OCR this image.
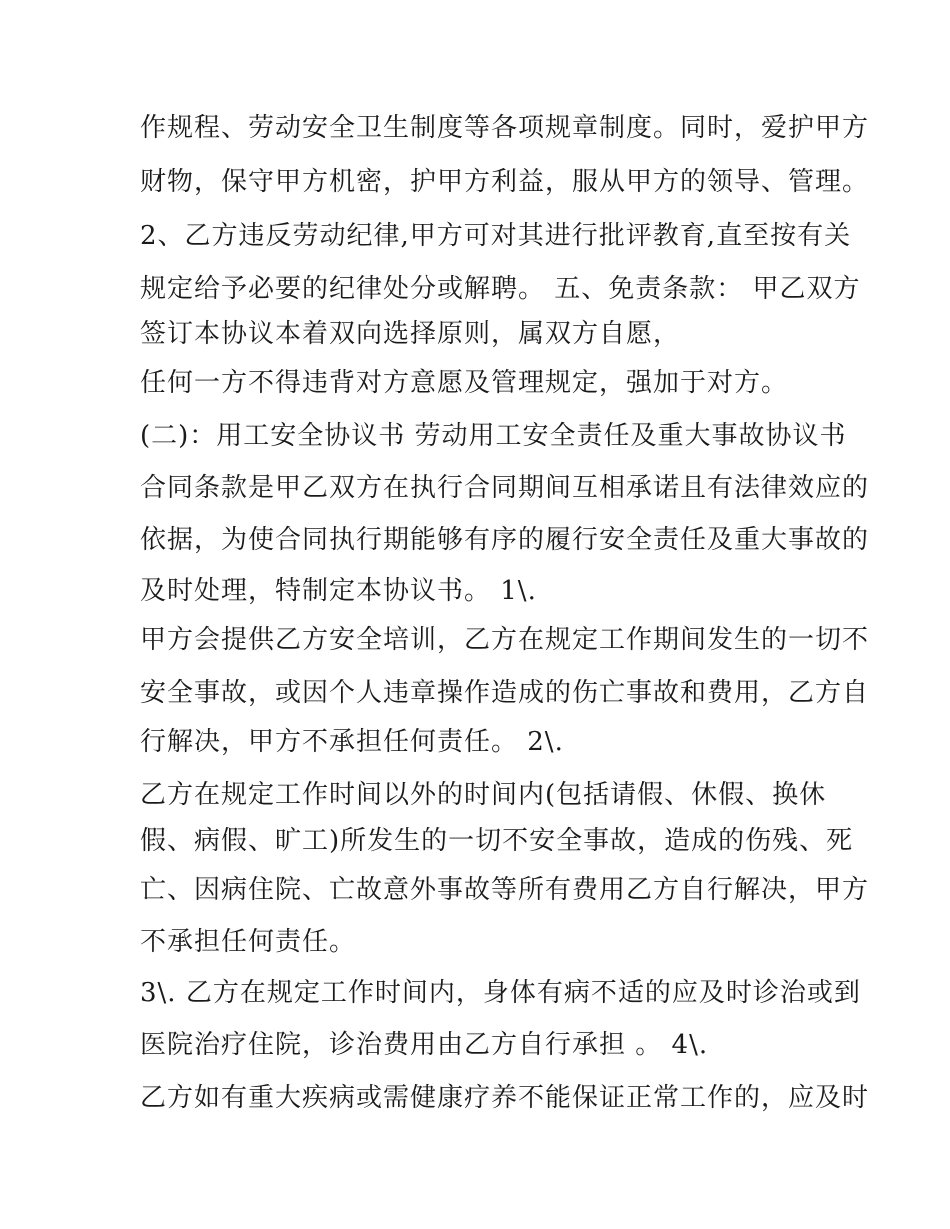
作规程、劳动安全卫生制度等各项规章制度。同时，爱护甲方
财物，保守甲方机密，护甲方利益，服从甲方的领导、管理。
2、乙方违反劳动纪律,甲方可对其进行批评教育,直至按有关
规定给予必要的纪律处分或解聘。 五、免责条款： 甲乙双方
签订本协议本着双向选择原则，属双方自愿，
任何一方不得违背对方意愿及管理规定，强加于对方。
(二)：用工安全协议书 劳动用工安全责任及重大事故协议书
合同条款是甲乙双方在执行合同期间互相承诺且有法律效应的
依据，为使合同执行期能够有序的履行安全责任及重大事故的
及时处理，特制定本协议书。 1\.
甲方会提供乙方安全培训，乙方在规定工作期间发生的一切不
安全事故，或因个人违章操作造成的伤亡事故和费用，乙方自
行解决，甲方不承担任何责任。 2\.
乙方在规定工作时间以外的时间内(包括请假、休假、换休
假、病假、旷工)所发生的一切不安全事故，造成的伤残、死
亡、因病住院、亡故意外事故等所有费用乙方自行解决，甲方
不承担任何责任。
3\. 乙方在规定工作时间内，身体有病不适的应及时诊治或到
医院治疗住院，诊治费用由乙方自行承担 。 4\.
乙方如有重大疾病或需健康疗养不能保证正常工作的，应及时
